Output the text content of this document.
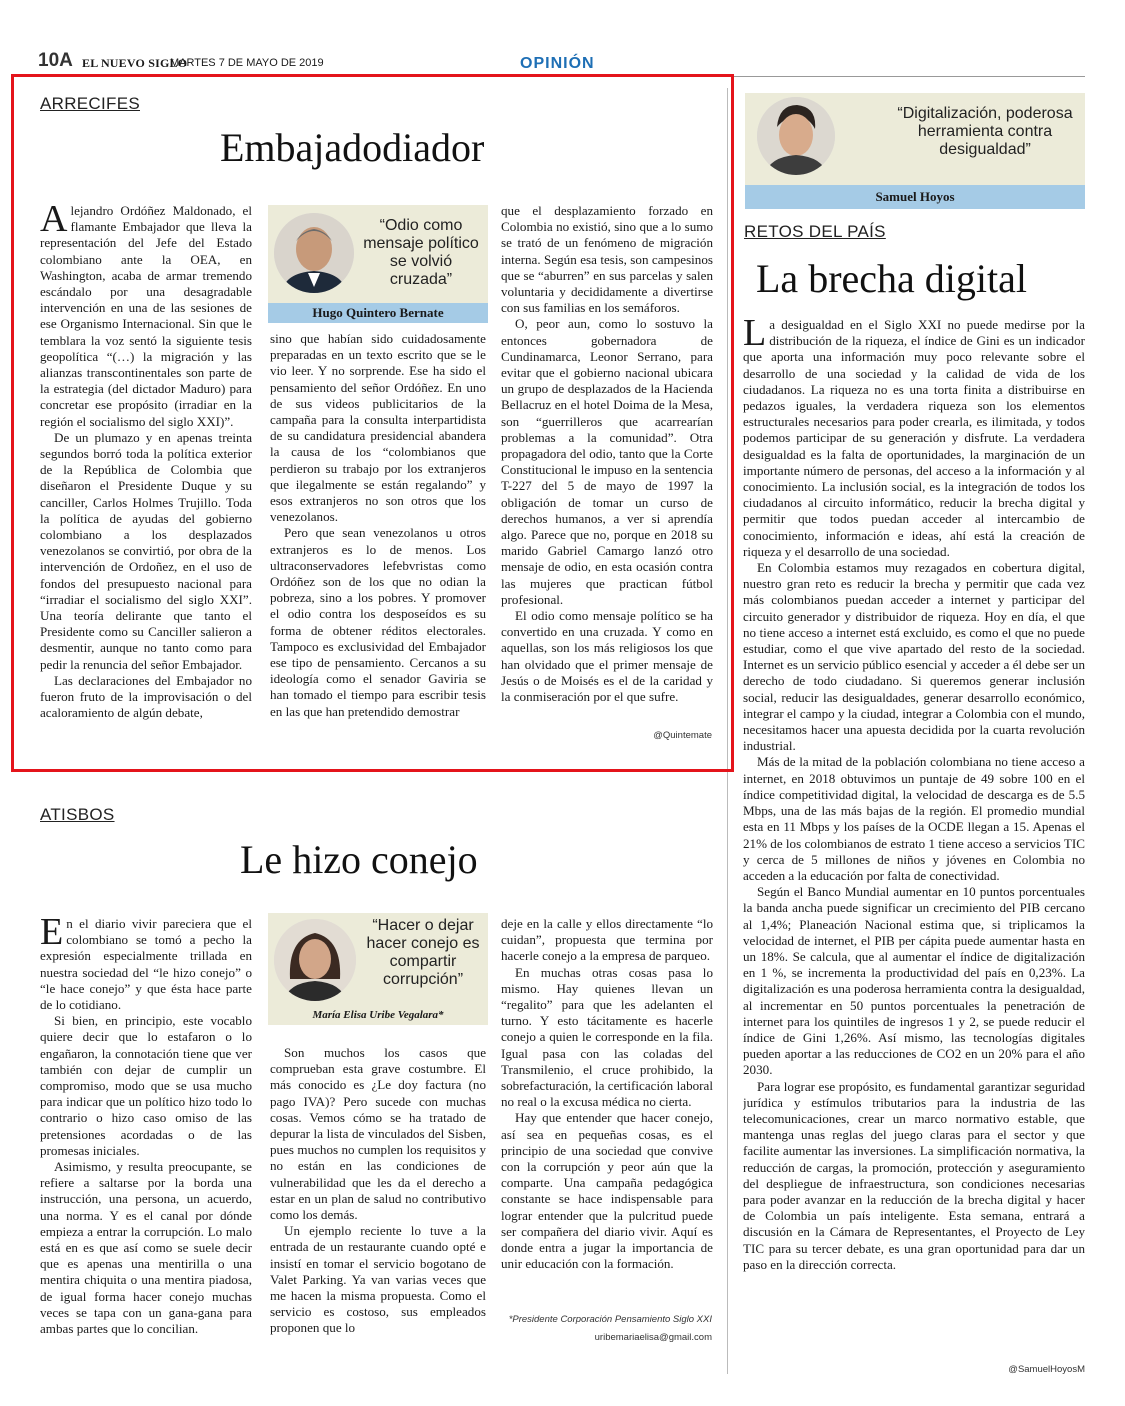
10A EL NUEVO SIGLO
MARTES 7 DE MAYO DE 2019	OPINIÓN
ARRECIFES
Embajadodiador

Alejandro Ordóñez Maldonado, el flamante Embajador que lleva la representación del Jefe del Estado colombiano ante la OEA, en Washington, acaba de armar tremendo escándalo por una desagradable intervención en una de las sesiones de ese Organismo Internacional. Sin que le temblara la voz sentó la siguiente tesis geopolítica “(…) la migración y las alianzas transcontinentales son parte de la estrategia (del dictador Maduro) para concretar ese propósito (irradiar en la región el socialismo del siglo XXI)”.

De un plumazo y en apenas treinta segundos borró toda la política exterior de la República de Colombia que diseñaron el Presidente Duque y su canciller, Carlos Holmes Trujillo. Toda la política de ayudas del gobierno colombiano a los desplazados venezolanos se convirtió, por obra de la intervención de Ordoñez, en el uso de fondos del presupuesto nacional para “irradiar el socialismo del siglo XXI”. Una teoría delirante que tanto el Presidente como su Canciller salieron a desmentir, aunque no tanto como para pedir la renuncia del señor Embajador.

Las declaraciones del Embajador no fueron fruto de la improvisación o del acaloramiento de algún debate,

“Odio como mensaje político se volvió cruzada”
Hugo Quintero Bernate

sino que habían sido cuidadosamente preparadas en un texto escrito que se le vio leer. Y no sorprende. Ese ha sido el pensamiento del señor Ordóñez. En uno de sus videos publicitarios de la campaña para la consulta interpartidista de su candidatura presidencial abandera la causa de los “colombianos que perdieron su trabajo por los extranjeros que ilegalmente se están regalando” y esos extranjeros no son otros que los venezolanos.

Pero que sean venezolanos u otros extranjeros es lo de menos. Los ultraconservadores lefebvristas como Ordóñez son de los que no odian la pobreza, sino a los pobres. Y promover el odio contra los desposeídos es su forma de obtener réditos electorales. Tampoco es exclusividad del Embajador ese tipo de pensamiento. Cercanos a su ideología como el senador Gaviria se han tomado el tiempo para escribir tesis en las que han pretendido demostrar

que el desplazamiento forzado en Colombia no existió, sino que a lo sumo se trató de un fenómeno de migración interna. Según esa tesis, son campesinos que se “aburren” en sus parcelas y salen voluntaria y decididamente a divertirse con sus familias en los semáforos.

O, peor aun, como lo sostuvo la entonces gobernadora de Cundinamarca, Leonor Serrano, para evitar que el gobierno nacional ubicara un grupo de desplazados de la Hacienda Bellacruz en el hotel Doima de la Mesa, son “guerrilleros que acarrearían problemas a la comunidad”. Otra propagadora del odio, tanto que la Corte Constitucional le impuso en la sentencia T-227 del 5 de mayo de 1997 la obligación de tomar un curso de derechos humanos, a ver si aprendía algo. Parece que no, porque en 2018 su marido Gabriel Camargo lanzó otro mensaje de odio, en esta ocasión contra las mujeres que practican fútbol profesional.

El odio como mensaje político se ha convertido en una cruzada. Y como en aquellas, son los más religiosos los que han olvidado que el primer mensaje de Jesús o de Moisés es el de la caridad y la conmiseración por el que sufre.

@Quintemate
ATISBOS
Le hizo conejo

En el diario vivir pareciera que el colombiano se tomó a pecho la expresión especialmente trillada en nuestra sociedad del “le hizo conejo” o “le hace conejo” y que ésta hace parte de lo cotidiano.

Si bien, en principio, este vocablo quiere decir que lo estafaron o lo engañaron, la connotación tiene que ver también con dejar de cumplir un compromiso, modo que se usa mucho para indicar que un político hizo todo lo contrario o hizo caso omiso de las pretensiones acordadas o de las promesas iniciales.

Asimismo, y resulta preocupante, se refiere a saltarse por la borda una instrucción, una persona, un acuerdo, una norma. Y es el canal por dónde empieza a entrar la corrupción. Lo malo está en es que así como se suele decir que es apenas una mentirilla o una mentira chiquita o una mentira piadosa, de igual forma hacer conejo muchas veces se tapa con un gana-gana para ambas partes que lo concilian.

“Hacer o dejar hacer conejo es compartir corrupción”
María Elisa Uribe Vegalara*

Son muchos los casos que comprueban esta grave costumbre. El más conocido es ¿Le doy factura (no pago IVA)? Pero sucede con muchas cosas. Vemos cómo se ha tratado de depurar la lista de vinculados del Sisben, pues muchos no cumplen los requisitos y no están en las condiciones de vulnerabilidad que les da el derecho a estar en un plan de salud no contributivo como los demás.

Un ejemplo reciente lo tuve a la entrada de un restaurante cuando opté e insistí en tomar el servicio bogotano de Valet Parking. Ya van varias veces que me hacen la misma propuesta. Como el servicio es costoso, sus empleados proponen que lo

deje en la calle y ellos directamente “lo cuidan”, propuesta que termina por hacerle conejo a la empresa de parqueo.

En muchas otras cosas pasa lo mismo. Hay quienes llevan un “regalito” para que les adelanten el turno. Y esto tácitamente es hacerle conejo a quien le corresponde en la fila. Igual pasa con las coladas del Transmilenio, el cruce prohibido, la sobrefacturación, la certificación laboral no real o la excusa médica no cierta.

Hay que entender que hacer conejo, así sea en pequeñas cosas, es el principio de una sociedad que convive con la corrupción y peor aún que la comparte. Una campaña pedagógica constante se hace indispensable para lograr entender que la pulcritud puede ser compañera del diario vivir. Aquí es donde entra a jugar la importancia de unir educación con la formación.

*Presidente Corporación Pensamiento Siglo XXI
uribemariaelisa@gmail.com
“Digitalización, poderosa herramienta contra desigualdad”
Samuel Hoyos
RETOS DEL PAÍS
La brecha digital

La desigualdad en el Siglo XXI no puede medirse por la distribución de la riqueza, el índice de Gini es un indicador que aporta una información muy poco relevante sobre el desarrollo de una sociedad y la calidad de vida de los ciudadanos. La riqueza no es una torta finita a distribuirse en pedazos iguales, la verdadera riqueza son los elementos estructurales necesarios para poder crearla, es ilimitada, y todos podemos participar de su generación y disfrute. La verdadera desigualdad es la falta de oportunidades, la marginación de un importante número de personas, del acceso a la información y al conocimiento. La inclusión social, es la integración de todos los ciudadanos al circuito informático, reducir la brecha digital y permitir que todos puedan acceder al intercambio de conocimiento, información e ideas, ahí está la creación de riqueza y el desarrollo de una sociedad.

En Colombia estamos muy rezagados en cobertura digital, nuestro gran reto es reducir la brecha y permitir que cada vez más colombianos puedan acceder a internet y participar del circuito generador y distribuidor de riqueza. Hoy en día, el que no tiene acceso a internet está excluido, es como el que no puede estudiar, como el que vive apartado del resto de la sociedad. Internet es un servicio público esencial y acceder a él debe ser un derecho de todo ciudadano. Si queremos generar inclusión social, reducir las desigualdades, generar desarrollo económico, integrar el campo y la ciudad, integrar a Colombia con el mundo, necesitamos hacer una apuesta decidida por la cuarta revolución industrial.

Más de la mitad de la población colombiana no tiene acceso a internet, en 2018 obtuvimos un puntaje de 49 sobre 100 en el índice competitividad digital, la velocidad de descarga es de 5.5 Mbps, una de las más bajas de la región. El promedio mundial esta en 11 Mbps y los países de la OCDE llegan a 15. Apenas el 21% de los colombianos de estrato 1 tiene acceso a servicios TIC y cerca de 5 millones de niños y jóvenes en Colombia no acceden a la educación por falta de conectividad.

Según el Banco Mundial aumentar en 10 puntos porcentuales la banda ancha puede significar un crecimiento del PIB cercano al 1,4%; Planeación Nacional estima que, si triplicamos la velocidad de internet, el PIB per cápita puede aumentar hasta en un 18%. Se calcula, que al aumentar el índice de digitalización en 1 %, se incrementa la productividad del país en 0,23%. La digitalización es una poderosa herramienta contra la desigualdad, al incrementar en 50 puntos porcentuales la penetración de internet para los quintiles de ingresos 1 y 2, se puede reducir el índice de Gini 1,26%. Así mismo, las tecnologías digitales pueden aportar a las reducciones de CO2 en un 20% para el año 2030.

Para lograr ese propósito, es fundamental garantizar seguridad jurídica y estímulos tributarios para la industria de las telecomunicaciones, crear un marco normativo estable, que mantenga unas reglas del juego claras para el sector y que facilite aumentar las inversiones. La simplificación normativa, la reducción de cargas, la promoción, protección y aseguramiento del despliegue de infraestructura, son condiciones necesarias para poder avanzar en la reducción de la brecha digital y hacer de Colombia un país inteligente. Esta semana, entrará a discusión en la Cámara de Representantes, el Proyecto de Ley TIC para su tercer debate, es una gran oportunidad para dar un paso en la dirección correcta.

@SamuelHoyosM
